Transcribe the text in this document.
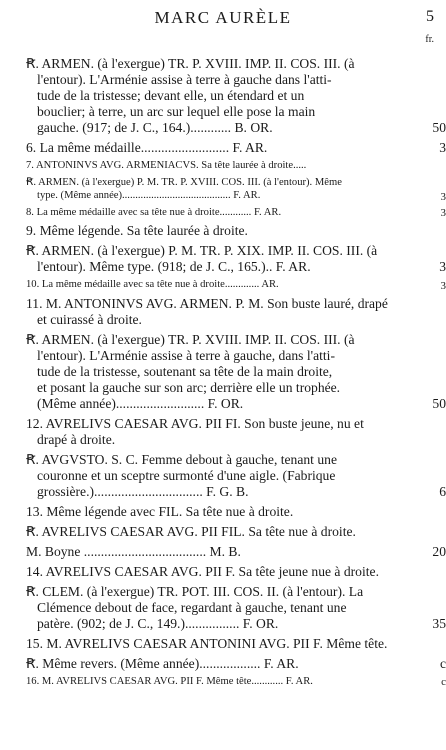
MARC AURÈLE	5
fr.
Ꞧ. ARMEN. (à l'exergue) TR. P. XVIII. IMP. II. COS. III. (à
l'entour). L'Arménie assise à terre à gauche dans l'atti-
tude de la tristesse; devant elle, un étendard et un
bouclier; à terre, un arc sur lequel elle pose la main
gauche. (917; de J. C., 164.)............ B. OR.	50
6. La même médaille.......................... F. AR.	3
7. ANTONINVS AVG. ARMENIACVS. Sa tête laurée à droite.....
Ꞧ. ARMEN. (à l'exergue) P. M. TR. P. XVIII. COS. III. (à l'entour). Même
type. (Même année)......................................... F. AR.	3
8. La même médaille avec sa tête nue à droite............ F. AR.	3
9. Même légende. Sa tête laurée à droite.
Ꞧ. ARMEN. (à l'exergue) P. M. TR. P. XIX. IMP. II. COS. III. (à
l'entour). Même type. (918; de J. C., 165.).. F. AR.	3
10. La même médaille avec sa tête nue à droite............. AR.	3
11. M. ANTONINVS AVG. ARMEN. P. M. Son buste lauré, drapé
et cuirassé à droite.
Ꞧ. ARMEN. (à l'exergue) TR. P. XVIII. IMP. II. COS. III. (à
l'entour). L'Arménie assise à terre à gauche, dans l'atti-
tude de la tristesse, soutenant sa tête de la main droite,
et posant la gauche sur son arc; derrière elle un trophée.
(Même année).......................... F. OR.	50
12. AVRELIVS CAESAR AVG. PII FI. Son buste jeune, nu et
drapé à droite.
Ꞧ. AVGVSTO. S. C. Femme debout à gauche, tenant une
couronne et un sceptre surmonté d'une aigle. (Fabrique
grossière.)................................ F. G. B.	6
13. Même légende avec FIL. Sa tête nue à droite.
Ꞧ. AVRELIVS CAESAR AVG. PII FIL. Sa tête nue à droite.
M. Boyne .................................... M. B.	20
14. AVRELIVS CAESAR AVG. PII F. Sa tête jeune nue à droite.
Ꞧ. CLEM. (à l'exergue) TR. POT. III. COS. II. (à l'entour). La
Clémence debout de face, regardant à gauche, tenant une
patère. (902; de J. C., 149.)................ F. OR.	35
15. M. AVRELIVS CAESAR ANTONINI AVG. PII F. Même tête.
Ꞧ. Même revers. (Même année).................. F. AR.	c
16. M. AVRELIVS CAESAR AVG. PII F. Même tête............ F. AR.	c
